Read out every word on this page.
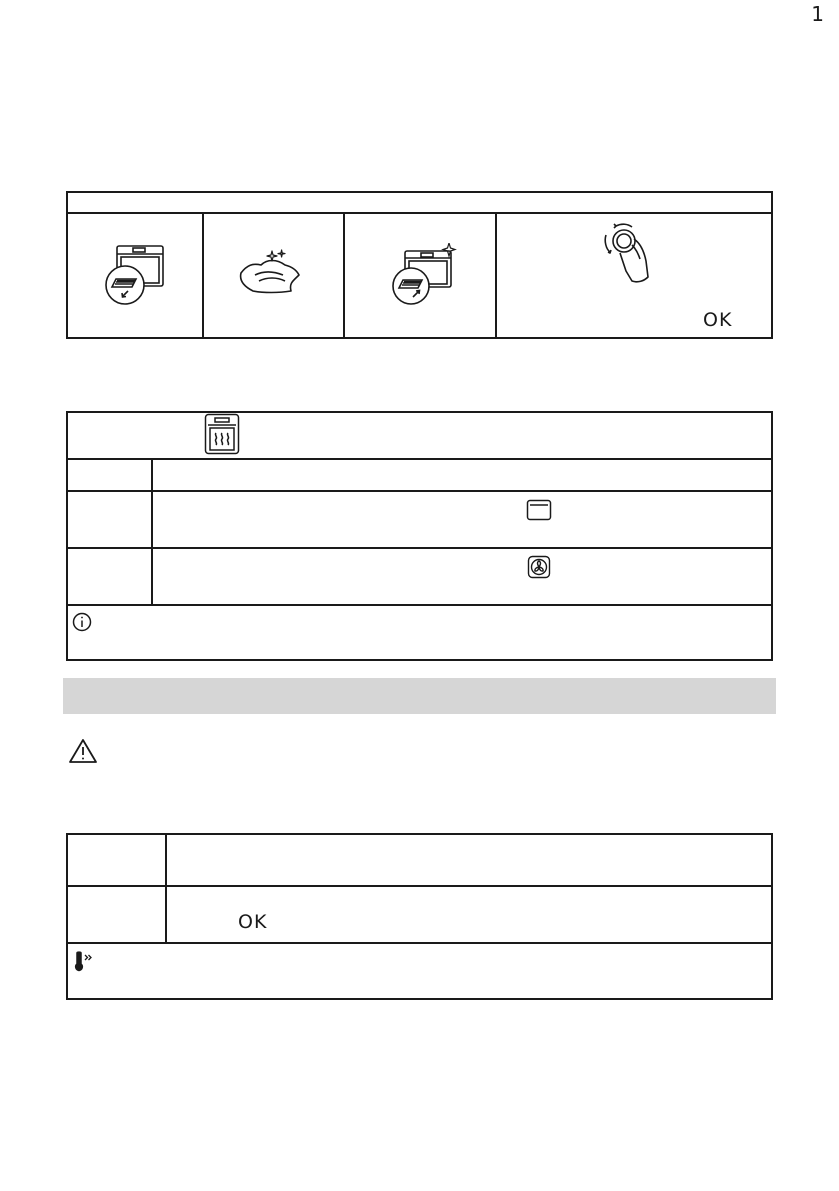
1
OK
OK
